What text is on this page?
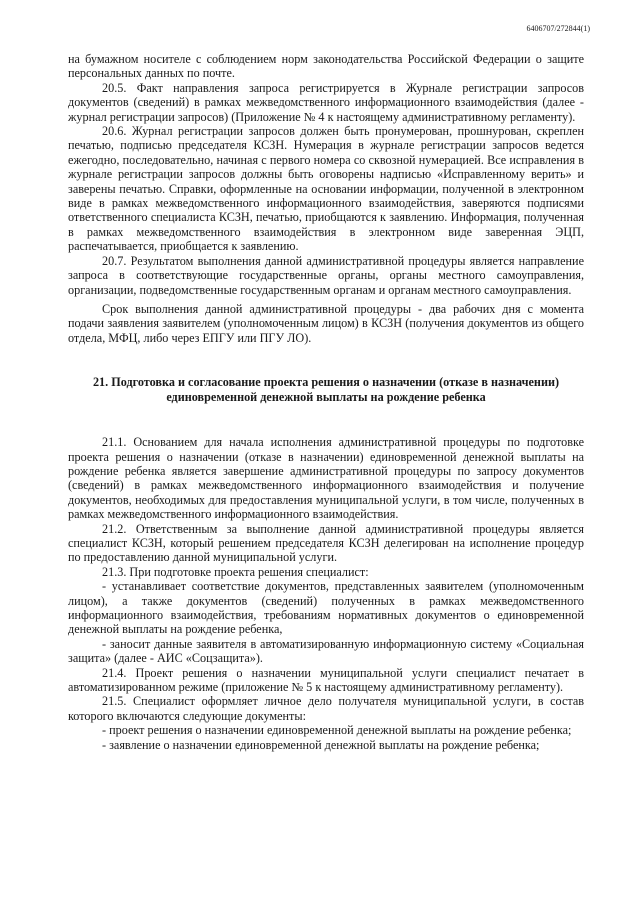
6406707/272844(1)

на бумажном носителе с соблюдением норм законодательства Российской Федерации о защите персональных данных по почте.

20.5. Факт направления запроса регистрируется в Журнале регистрации запросов документов (сведений) в рамках межведомственного информационного взаимодействия (далее - журнал регистрации запросов) (Приложение № 4 к настоящему административному регламенту).

20.6. Журнал регистрации запросов должен быть пронумерован, прошнурован, скреплен печатью, подписью председателя КСЗН. Нумерация в журнале регистрации запросов ведется ежегодно, последовательно, начиная с первого номера со сквозной нумерацией. Все исправления в журнале регистрации запросов должны быть оговорены надписью «Исправленному верить» и заверены печатью. Справки, оформленные на основании информации, полученной в электронном виде в рамках межведомственного информационного взаимодействия, заверяются подписями ответственного специалиста КСЗН, печатью, приобщаются к заявлению. Информация, полученная в рамках межведомственного взаимодействия в электронном виде заверенная ЭЦП, распечатывается, приобщается к заявлению.

20.7. Результатом выполнения данной административной процедуры является направление запроса в соответствующие государственные органы, органы местного самоуправления, организации, подведомственные государственным органам и органам местного самоуправления.

Срок выполнения данной административной процедуры - два рабочих дня с момента подачи заявления заявителем (уполномоченным лицом) в КСЗН (получения документов из общего отдела, МФЦ, либо через ЕПГУ или ПГУ ЛО).

21. Подготовка и согласование проекта решения о назначении (отказе в назначении)
единовременной денежной выплаты на рождение ребенка

21.1. Основанием для начала исполнения административной процедуры по подготовке проекта решения о назначении (отказе в назначении) единовременной денежной выплаты на рождение ребенка является завершение административной процедуры по запросу документов (сведений) в рамках межведомственного информационного взаимодействия и получение документов, необходимых для предоставления муниципальной услуги, в том числе, полученных в рамках межведомственного информационного взаимодействия.

21.2. Ответственным за выполнение данной административной процедуры является специалист КСЗН, который решением председателя КСЗН делегирован на исполнение процедур по предоставлению данной муниципальной услуги.

21.3. При подготовке проекта решения специалист:

- устанавливает соответствие документов, представленных заявителем (уполномоченным лицом), а также документов (сведений) полученных в рамках межведомственного информационного взаимодействия, требованиям нормативных документов о единовременной денежной выплаты на рождение ребенка,

- заносит данные заявителя в автоматизированную информационную систему «Социальная защита» (далее - АИС «Соцзащита»).

21.4. Проект решения о назначении муниципальной услуги специалист печатает в автоматизированном режиме (приложение № 5 к настоящему административному регламенту).

21.5. Специалист оформляет личное дело получателя муниципальной услуги, в состав которого включаются следующие документы:

- проект решения о назначении единовременной денежной выплаты на рождение ребенка;

- заявление о назначении единовременной денежной выплаты на рождение ребенка;
